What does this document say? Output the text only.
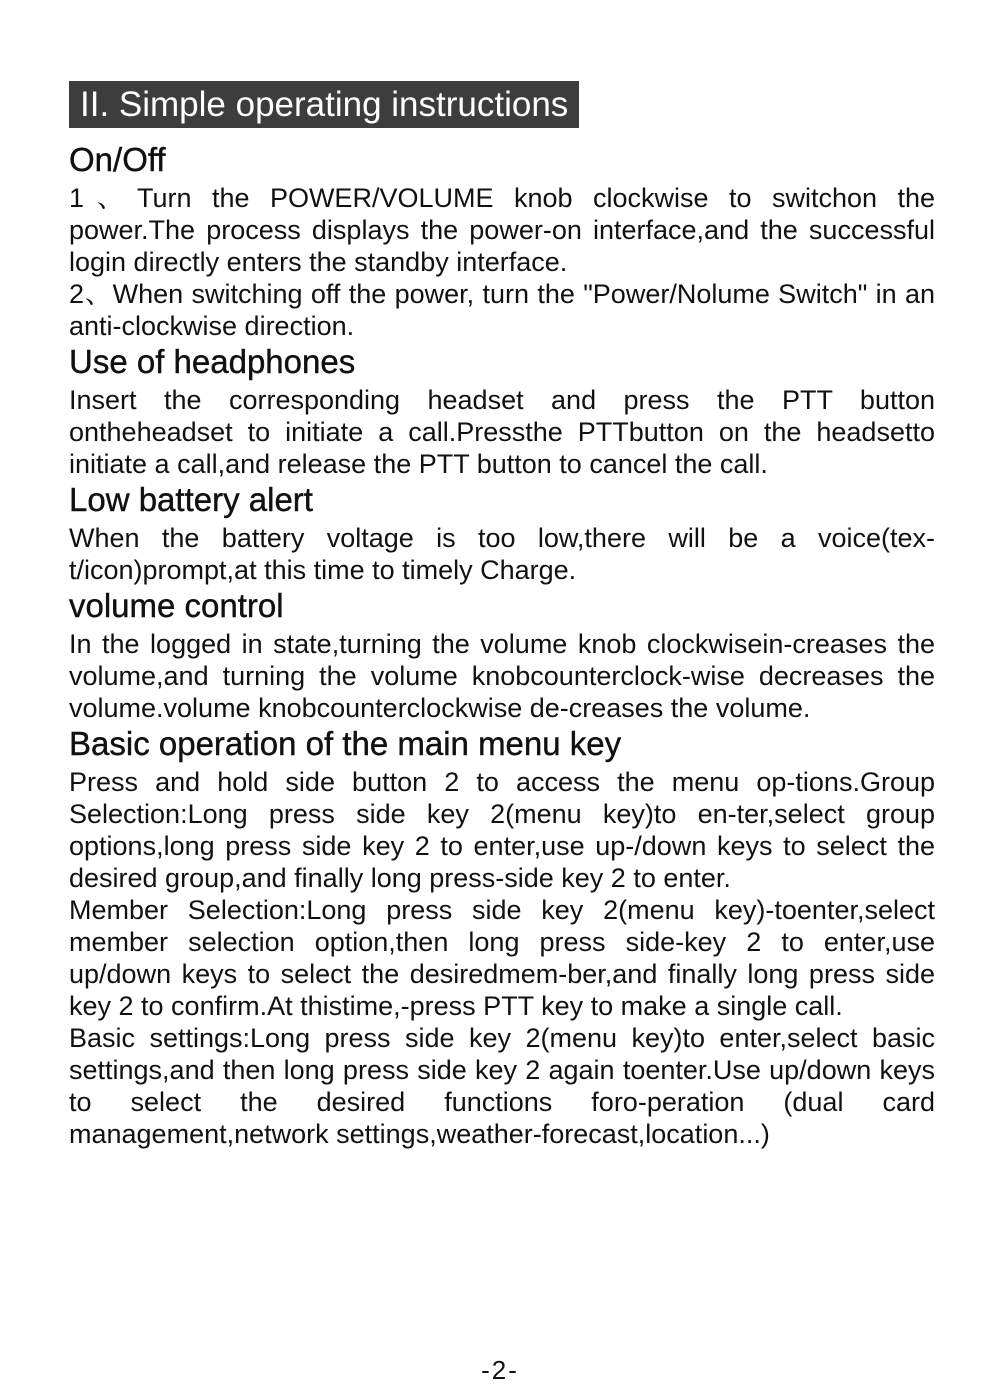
II. Simple operating instructions
On/Off

1、Turn the POWER/VOLUME knob clockwise to switchon the power.The process displays the power-on interface,and the successful login directly enters the standby interface.

2、When switching off the power, turn the "Power/Nolume Switch" in an anti-clockwise direction.

Use of headphones

Insert the corresponding headset and press the PTT button ontheheadset to initiate a call.Pressthe PTTbutton on the headsetto initiate a call,and release the PTT button to cancel the call.

Low battery alert

When the battery voltage is too low,there will be a voice(tex-t/icon)prompt,at this time to timely Charge.

volume control

In the logged in state,turning the volume knob clockwisein-creases the volume,and turning the volume knobcounterclock-wise decreases the volume.volume knobcounterclockwise de-creases the volume.

Basic operation of the main menu key

Press and hold side button 2 to access the menu op-tions.Group Selection:Long press side key 2(menu key)to en-ter,select group options,long press side key 2 to enter,use up-/down keys to select the desired group,and finally long press-side key 2 to enter.

Member Selection:Long press side key 2(menu key)-toenter,select member selection option,then long press side-key 2 to enter,use up/down keys to select the desiredmem-ber,and finally long press side key 2 to confirm.At thistime,-press PTT key to make a single call.

Basic settings:Long press side key 2(menu key)to enter,select basic settings,and then long press side key 2 again toenter.Use up/down keys to select the desired functions foro-peration (dual card management,network settings,weather-forecast,location...)

-2-
